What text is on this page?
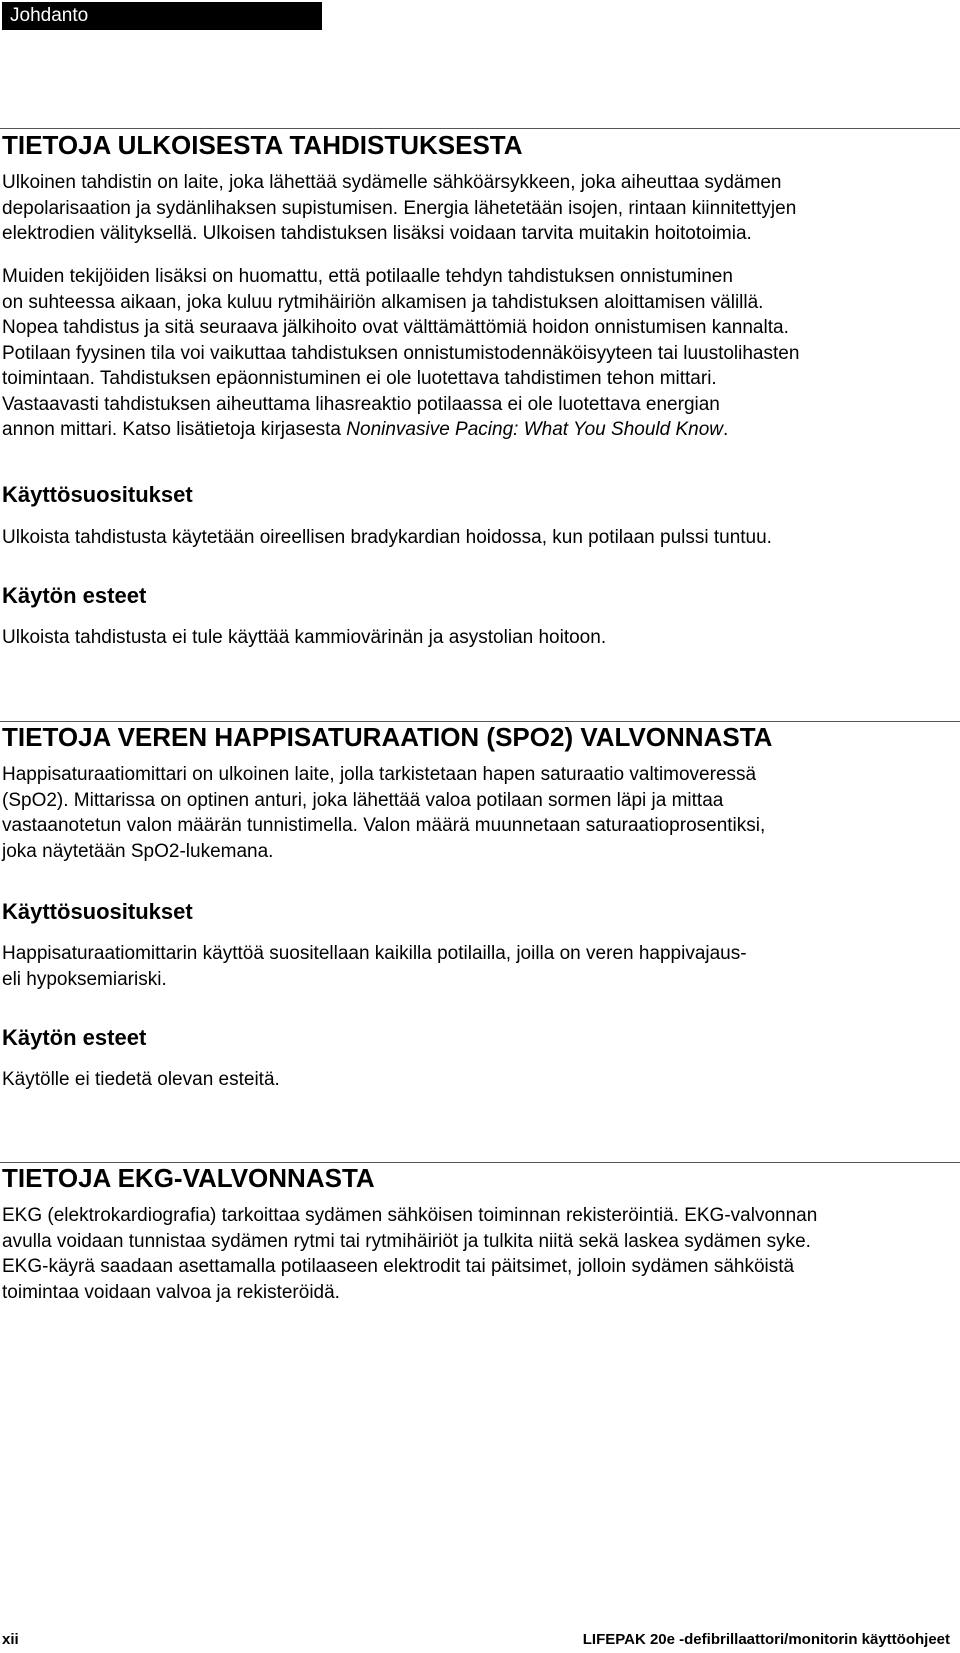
Johdanto
TIETOJA ULKOISESTA TAHDISTUKSESTA
Ulkoinen tahdistin on laite, joka lähettää sydämelle sähköärsykkeen, joka aiheuttaa sydämen
depolarisaation ja sydänlihaksen supistumisen. Energia lähetetään isojen, rintaan kiinnitettyjen
elektrodien välityksellä. Ulkoisen tahdistuksen lisäksi voidaan tarvita muitakin hoitotoimia.
Muiden tekijöiden lisäksi on huomattu, että potilaalle tehdyn tahdistuksen onnistuminen
on suhteessa aikaan, joka kuluu rytmihäiriön alkamisen ja tahdistuksen aloittamisen välillä.
Nopea tahdistus ja sitä seuraava jälkihoito ovat välttämättömiä hoidon onnistumisen kannalta.
Potilaan fyysinen tila voi vaikuttaa tahdistuksen onnistumistodennäköisyyteen tai luustolihasten
toimintaan. Tahdistuksen epäonnistuminen ei ole luotettava tahdistimen tehon mittari.
Vastaavasti tahdistuksen aiheuttama lihasreaktio potilaassa ei ole luotettava energian
annon mittari. Katso lisätietoja kirjasesta Noninvasive Pacing: What You Should Know.
Käyttösuositukset
Ulkoista tahdistusta käytetään oireellisen bradykardian hoidossa, kun potilaan pulssi tuntuu.
Käytön esteet
Ulkoista tahdistusta ei tule käyttää kammiovärinän ja asystolian hoitoon.
TIETOJA VEREN HAPPISATURAATION (SPO2) VALVONNASTA
Happisaturaatiomittari on ulkoinen laite, jolla tarkistetaan hapen saturaatio valtimoveressä
(SpO2). Mittarissa on optinen anturi, joka lähettää valoa potilaan sormen läpi ja mittaa
vastaanotetun valon määrän tunnistimella. Valon määrä muunnetaan saturaatioprosentiksi,
joka näytetään SpO2-lukemana.
Käyttösuositukset
Happisaturaatiomittarin käyttöä suositellaan kaikilla potilailla, joilla on veren happivajaus-
eli hypoksemiariski.
Käytön esteet
Käytölle ei tiedetä olevan esteitä.
TIETOJA EKG-VALVONNASTA
EKG (elektrokardiografia) tarkoittaa sydämen sähköisen toiminnan rekisteröintiä. EKG-valvonnan
avulla voidaan tunnistaa sydämen rytmi tai rytmihäiriöt ja tulkita niitä sekä laskea sydämen syke.
EKG-käyrä saadaan asettamalla potilaaseen elektrodit tai päitsimet, jolloin sydämen sähköistä
toimintaa voidaan valvoa ja rekisteröidä.
xii	LIFEPAK 20e -defibrillaattori/monitorin käyttöohjeet
